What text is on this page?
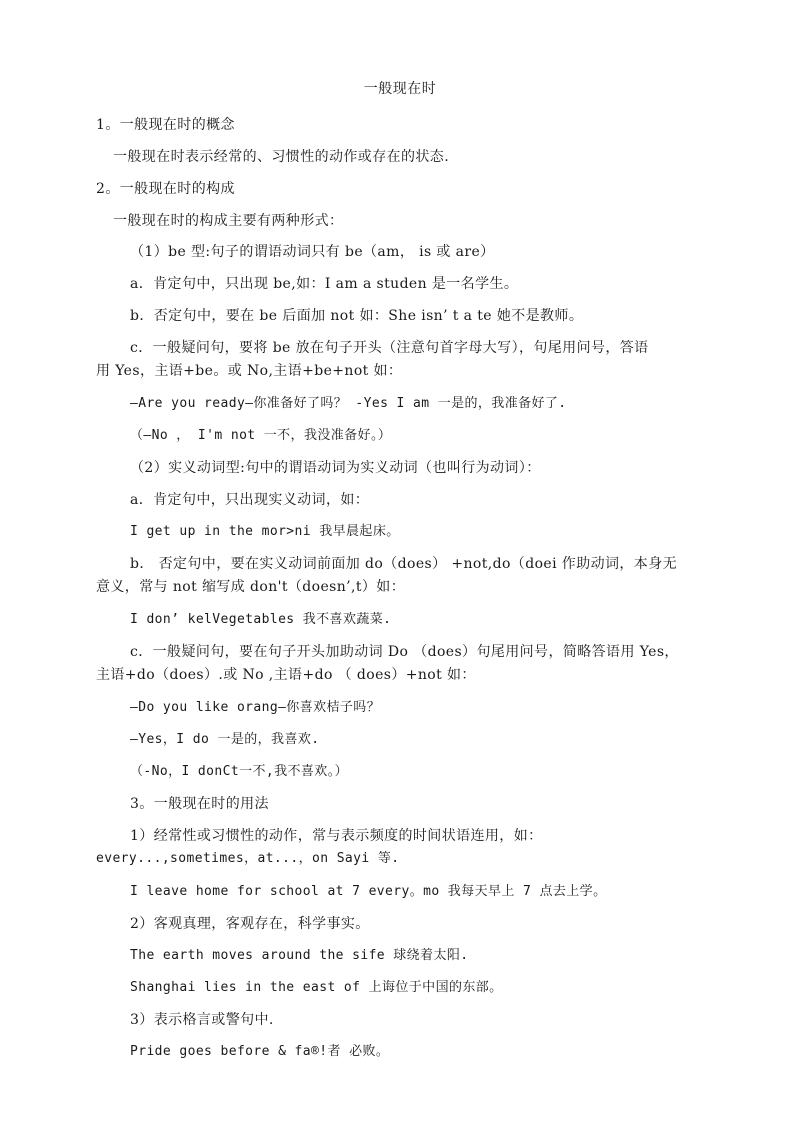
一般现在时
1。一般现在时的概念
一般现在时表示经常的、习惯性的动作或存在的状态.
2。一般现在时的构成
一般现在时的构成主要有两种形式：
（1）be 型:句子的谓语动词只有 be（am， is 或 are）
a．肯定句中，只出现 be,如：I am a studen 是一名学生。
b．否定句中，要在 be 后面加 not 如：She isn’ t a te 她不是教师。
c．一般疑问句，要将 be 放在句子开头（注意句首字母大写），句尾用问号，答语
用 Yes，主语+be。或 No,主语+be+not 如：
—Are you ready—你准备好了吗？ -Yes I am 一是的，我准备好了.
（—No ， I'm not 一不，我没准备好。）
（2）实义动词型:句中的谓语动词为实义动词（也叫行为动词）：
a．肯定句中，只出现实义动词，如：
I get up in the mor>ni 我早晨起床。
b． 否定句中，要在实义动词前面加 do（does） +not,do（doei 作助动词，本身无
意义，常与 not 缩写成 don't（doesn’,t）如：
I don’ kelVegetables 我不喜欢蔬菜.
c．一般疑问句，要在句子开头加助动词 Do （does）句尾用问号，简略答语用 Yes，
主语+do（does）.或 No ,主语+do （ does）+not 如：
—Do you like orang—你喜欢桔子吗？
—Yes，I do 一是的，我喜欢.
（-No，I donCt一不,我不喜欢。）
3。一般现在时的用法
1）经常性或习惯性的动作，常与表示频度的时间状语连用，如：
every...,sometimes，at...，on Sayi 等.
I leave home for school at 7 every。mo 我每天早上 7 点去上学。
2）客观真理，客观存在，科学事实。
The earth moves around the sife 球绕着太阳.
Shanghai lies in the east of 上诲位于中国的东部。
3）表示格言或警句中.
Pride goes before & fa®!者 必败。
